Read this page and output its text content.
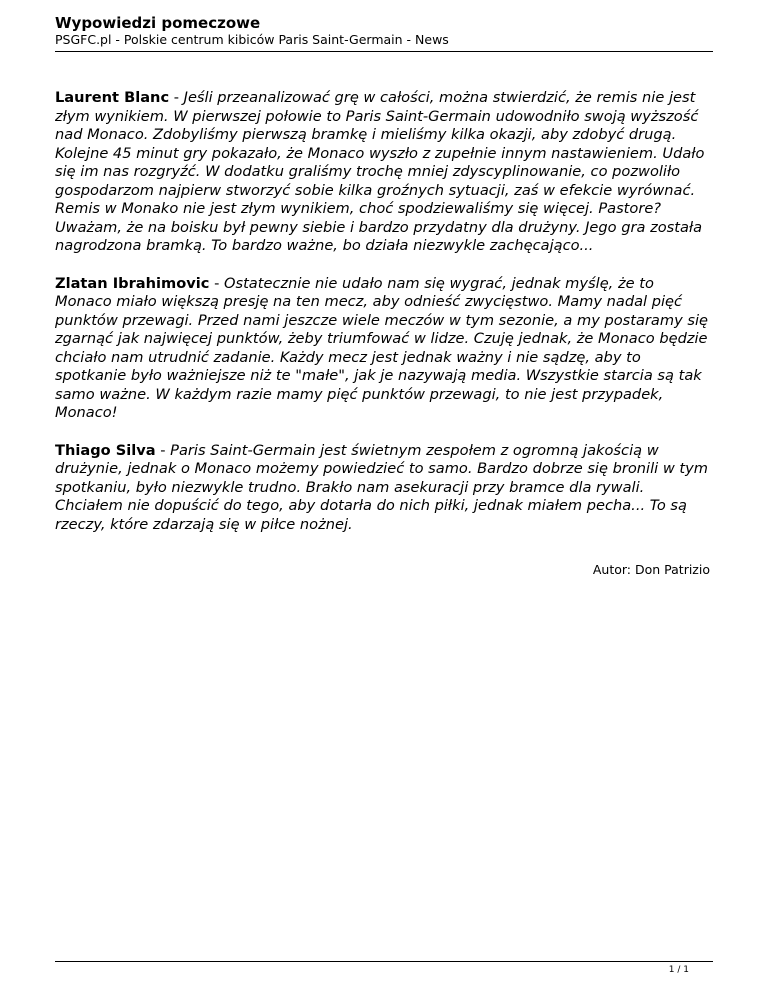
Wypowiedzi pomeczowe
PSGFC.pl - Polskie centrum kibiców Paris Saint-Germain - News

Laurent Blanc - Jeśli przeanalizować grę w całości, można stwierdzić, że remis nie jest złym wynikiem. W pierwszej połowie to Paris Saint-Germain udowodniło swoją wyższość nad Monaco. Zdobyliśmy pierwszą bramkę i mieliśmy kilka okazji, aby zdobyć drugą. Kolejne 45 minut gry pokazało, że Monaco wyszło z zupełnie innym nastawieniem. Udało się im nas rozgryźć. W dodatku graliśmy trochę mniej zdyscyplinowanie, co pozwoliło gospodarzom najpierw stworzyć sobie kilka groźnych sytuacji, zaś w efekcie wyrównać. Remis w Monako nie jest złym wynikiem, choć spodziewaliśmy się więcej. Pastore? Uważam, że na boisku był pewny siebie i bardzo przydatny dla drużyny. Jego gra została nagrodzona bramką. To bardzo ważne, bo działa niezwykle zachęcająco...

Zlatan Ibrahimovic - Ostatecznie nie udało nam się wygrać, jednak myślę, że to Monaco miało większą presję na ten mecz, aby odnieść zwycięstwo. Mamy nadal pięć punktów przewagi. Przed nami jeszcze wiele meczów w tym sezonie, a my postaramy się zgarnąć jak najwięcej punktów, żeby triumfować w lidze. Czuję jednak, że Monaco będzie chciało nam utrudnić zadanie. Każdy mecz jest jednak ważny i nie sądzę, aby to spotkanie było ważniejsze niż te "małe", jak je nazywają media. Wszystkie starcia są tak samo ważne. W każdym razie mamy pięć punktów przewagi, to nie jest przypadek, Monaco!

Thiago Silva - Paris Saint-Germain jest świetnym zespołem z ogromną jakością w drużynie, jednak o Monaco możemy powiedzieć to samo. Bardzo dobrze się bronili w tym spotkaniu, było niezwykle trudno. Brakło nam asekuracji przy bramce dla rywali. Chciałem nie dopuścić do tego, aby dotarła do nich piłki, jednak miałem pecha... To są rzeczy, które zdarzają się w piłce nożnej.

Autor: Don Patrizio
1 / 1
